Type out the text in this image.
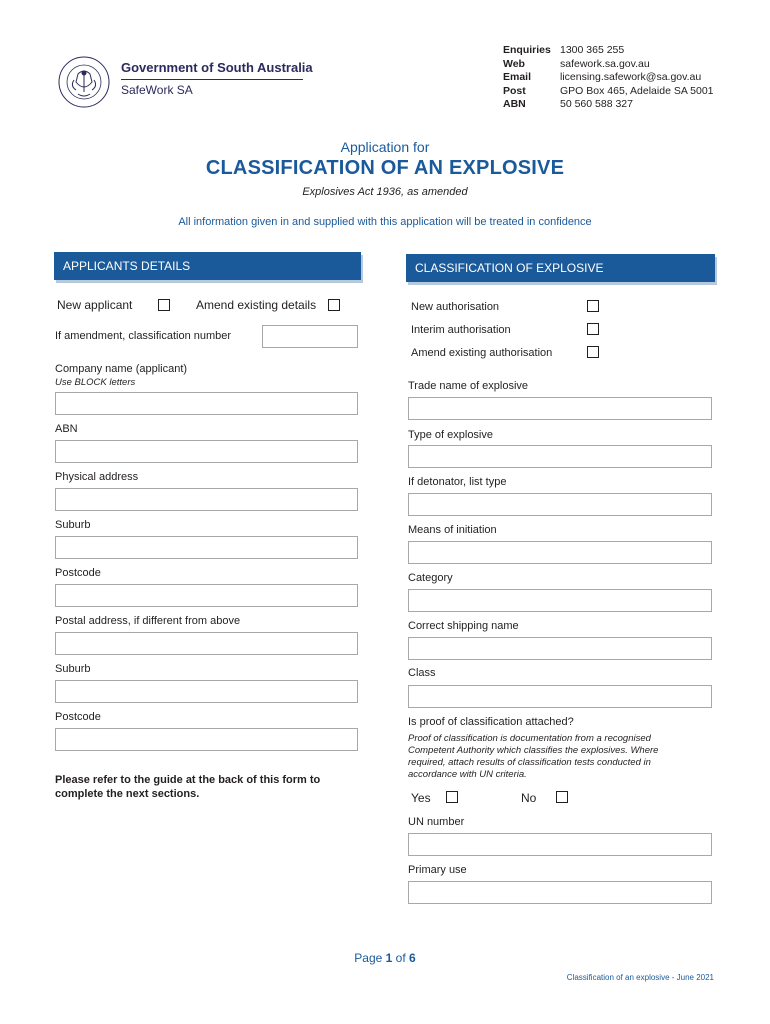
Government of South Australia
SafeWork SA
Enquiries 1300 365 255
Web	safework.sa.gov.au
Email	licensing.safework@sa.gov.au
Post	GPO Box 465, Adelaide SA 5001
ABN	50 560 588 327
Application for
CLASSIFICATION OF AN EXPLOSIVE
Explosives Act 1936, as amended
All information given in and supplied with this application will be treated in confidence
APPLICANTS DETAILS
New applicant	Amend existing details
If amendment, classification number
Company name (applicant)
Use BLOCK letters
ABN
Physical address
Suburb
Postcode
Postal address, if different from above
Suburb
Postcode
Please refer to the guide at the back of this form to complete the next sections.
CLASSIFICATION OF EXPLOSIVE
New authorisation
Interim authorisation
Amend existing authorisation
Trade name of explosive
Type of explosive
If detonator, list type
Means of initiation
Category
Correct shipping name
Class
Is proof of classification attached?
Proof of classification is documentation from a recognised Competent Authority which classifies the explosives. Where required, attach results of classification tests conducted in accordance with UN criteria.
Yes	No
UN number
Primary use
Page 1 of 6
Classification of an explosive - June 2021
